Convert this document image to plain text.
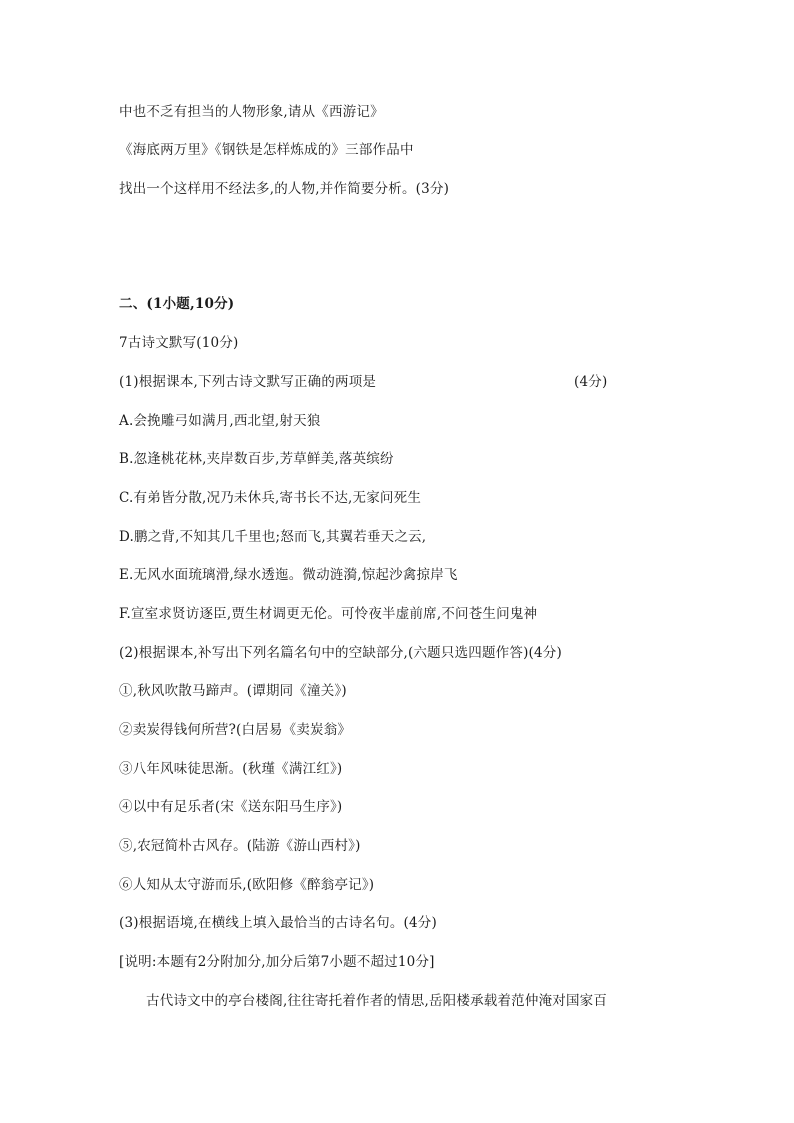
中也不乏有担当的人物形象,请从《西游记》
《海底两万里》《钢铁是怎样炼成的》三部作品中
找出一个这样用不经法多,的人物,并作简要分析。(3分)
二、(1小题,10分)
7古诗文默写(10分)
(1)根据课本,下列古诗文默写正确的两项是	(4分)
A.会挽雕弓如满月,西北望,射天狼
B.忽逢桃花林,夹岸数百步,芳草鲜美,落英缤纷
C.有弟皆分散,况乃未休兵,寄书长不达,无家问死生
D.鹏之背,不知其几千里也;怒而飞,其翼若垂天之云,
E.无风水面琉璃滑,绿水透迤。微动涟漪,惊起沙禽掠岸飞
F.宣室求贤访逐臣,贾生材调更无伦。可怜夜半虚前席,不问苍生问鬼神
(2)根据课本,补写出下列名篇名句中的空缺部分,(六题只选四题作答)(4分)
①,秋风吹散马蹄声。(谭期同《潼关》)
②卖炭得钱何所营?(白居易《卖炭翁》
③八年风味徒思渐。(秋瑾《满江红》)
④以中有足乐者(宋《送东阳马生序》)
⑤,农冠简朴古风存。(陆游《游山西村》)
⑥人知从太守游而乐,(欧阳修《醉翁亭记》)
(3)根据语境,在横线上填入最恰当的古诗名句。(4分)
[说明:本题有2分附加分,加分后第7小题不超过10分]
古代诗文中的亭台楼阁,往往寄托着作者的情思,岳阳楼承载着范仲淹对国家百
